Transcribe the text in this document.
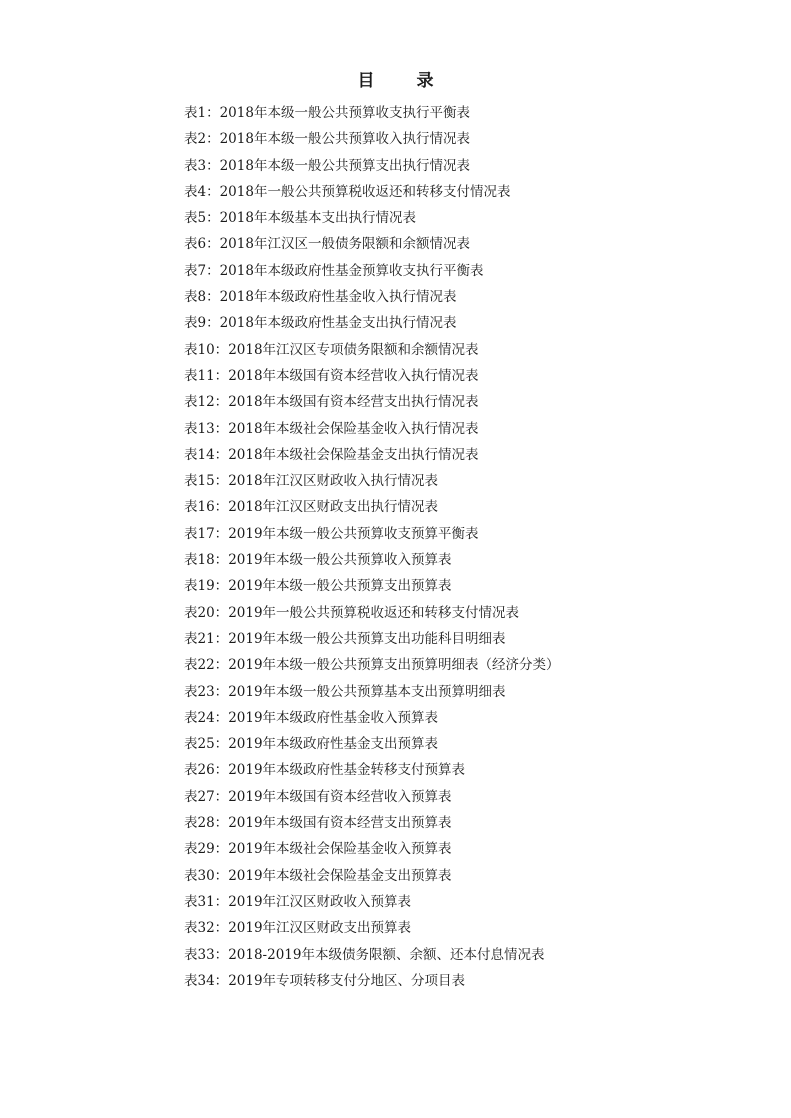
目 录
表1： 2018年本级一般公共预算收支执行平衡表
表2： 2018年本级一般公共预算收入执行情况表
表3： 2018年本级一般公共预算支出执行情况表
表4： 2018年一般公共预算税收返还和转移支付情况表
表5： 2018年本级基本支出执行情况表
表6： 2018年江汉区一般债务限额和余额情况表
表7： 2018年本级政府性基金预算收支执行平衡表
表8： 2018年本级政府性基金收入执行情况表
表9： 2018年本级政府性基金支出执行情况表
表10： 2018年江汉区专项债务限额和余额情况表
表11： 2018年本级国有资本经营收入执行情况表
表12： 2018年本级国有资本经营支出执行情况表
表13： 2018年本级社会保险基金收入执行情况表
表14： 2018年本级社会保险基金支出执行情况表
表15： 2018年江汉区财政收入执行情况表
表16： 2018年江汉区财政支出执行情况表
表17： 2019年本级一般公共预算收支预算平衡表
表18： 2019年本级一般公共预算收入预算表
表19： 2019年本级一般公共预算支出预算表
表20： 2019年一般公共预算税收返还和转移支付情况表
表21： 2019年本级一般公共预算支出功能科目明细表
表22： 2019年本级一般公共预算支出预算明细表（经济分类）
表23： 2019年本级一般公共预算基本支出预算明细表
表24： 2019年本级政府性基金收入预算表
表25： 2019年本级政府性基金支出预算表
表26： 2019年本级政府性基金转移支付预算表
表27： 2019年本级国有资本经营收入预算表
表28： 2019年本级国有资本经营支出预算表
表29： 2019年本级社会保险基金收入预算表
表30： 2019年本级社会保险基金支出预算表
表31： 2019年江汉区财政收入预算表
表32： 2019年江汉区财政支出预算表
表33： 2018-2019年本级债务限额、余额、还本付息情况表
表34： 2019年专项转移支付分地区、分项目表
